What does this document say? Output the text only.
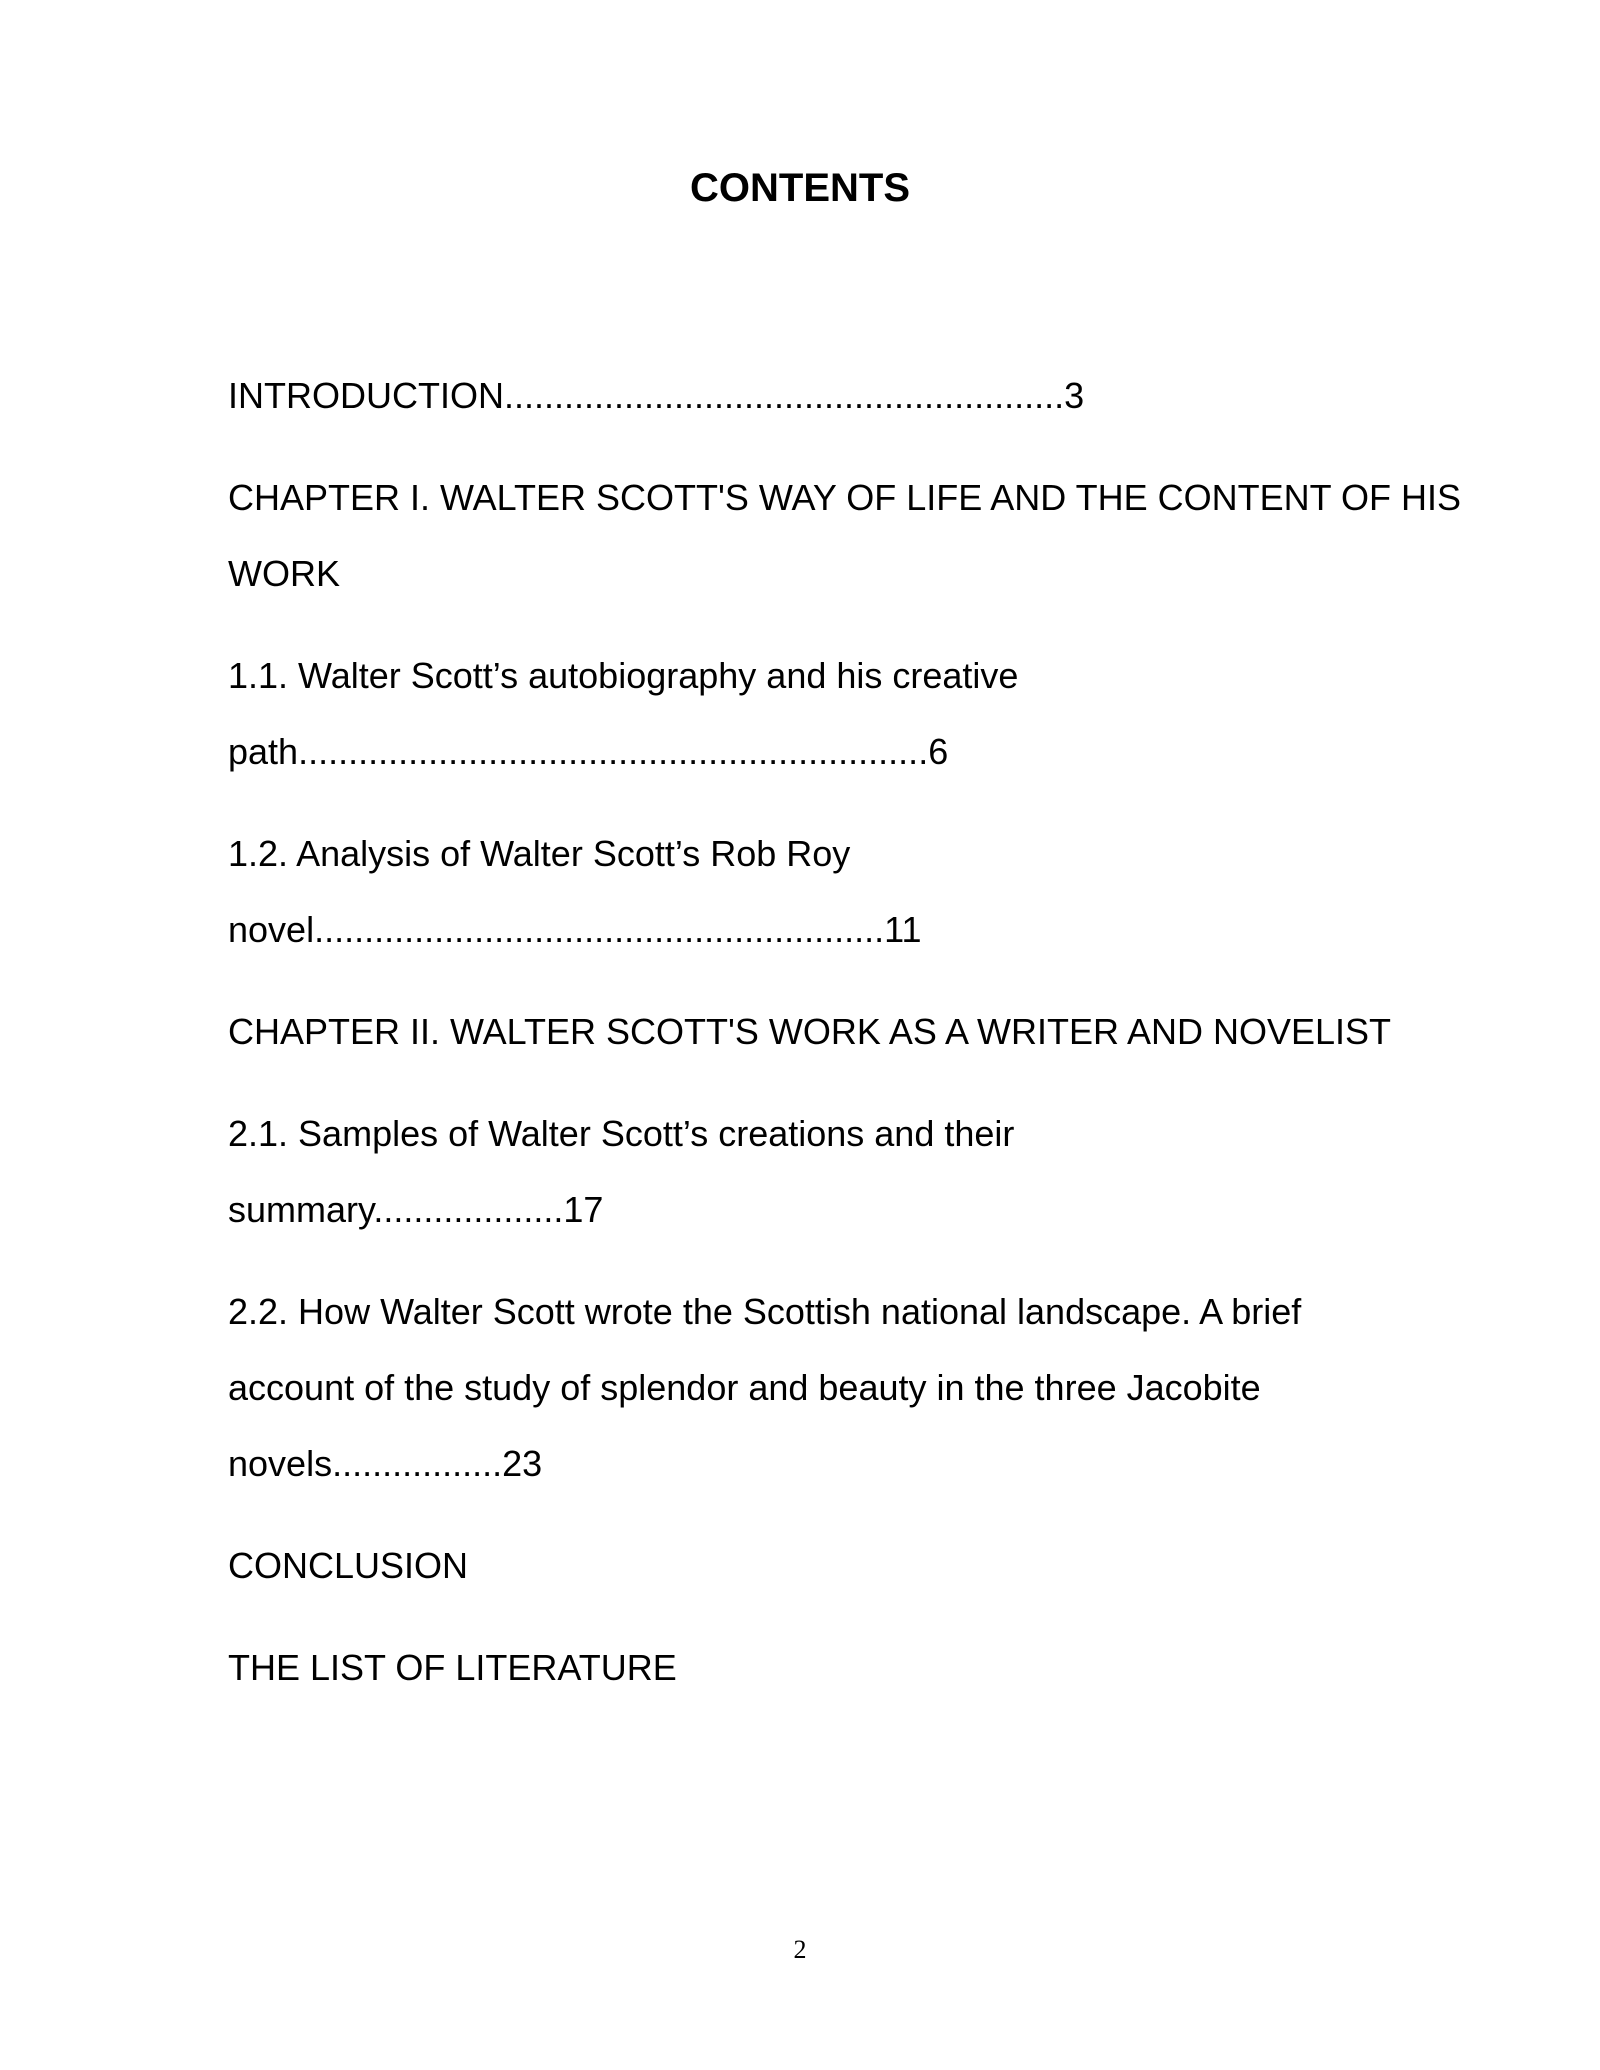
CONTENTS
INTRODUCTION........................................................3
CHAPTER I. WALTER SCOTT'S WAY OF LIFE AND THE CONTENT OF HIS
WORK
1.1. Walter Scott’s autobiography and his creative
path...............................................................6
1.2. Analysis of Walter Scott’s Rob Roy
novel.........................................................11
CHAPTER II. WALTER SCOTT'S WORK AS A WRITER AND NOVELIST
2.1. Samples of Walter Scott’s creations and their
summary...................17
2.2. How Walter Scott wrote the Scottish national landscape. A brief
account of the study of splendor and beauty in the three Jacobite
novels.................23
CONCLUSION
THE LIST OF LITERATURE
2
